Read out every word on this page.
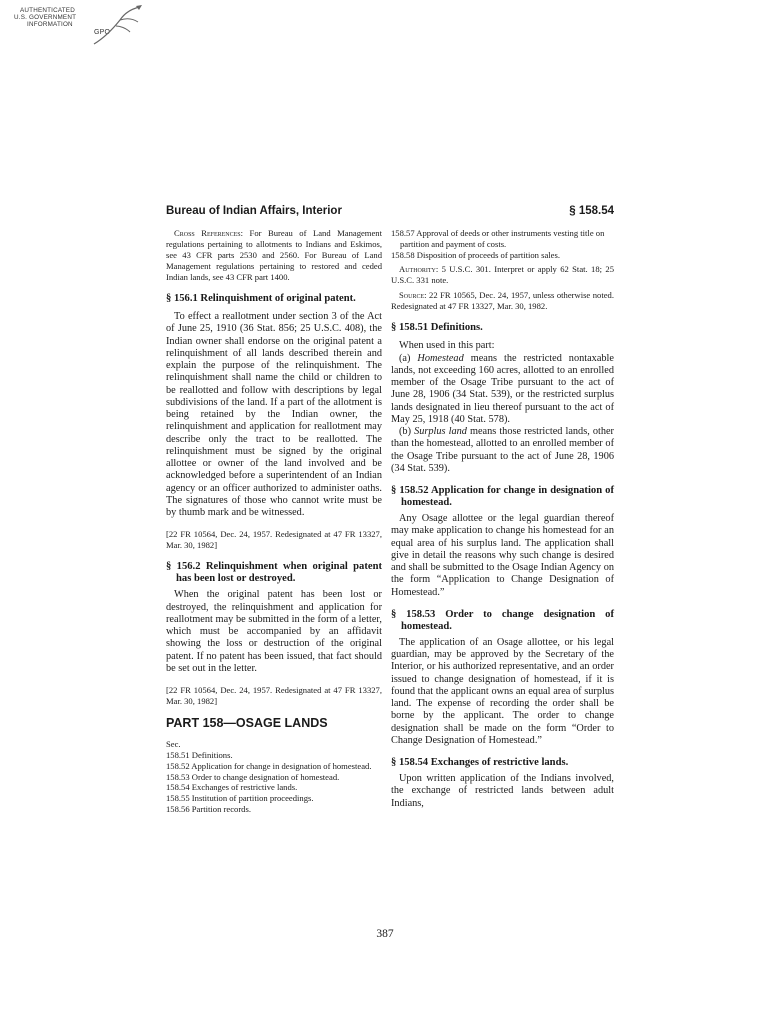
AUTHENTICATED
U.S. GOVERNMENT
INFORMATION
GPO
Bureau of Indian Affairs, Interior	§ 158.54

Cross References: For Bureau of Land Management regulations pertaining to allotments to Indians and Eskimos, see 43 CFR parts 2530 and 2560. For Bureau of Land Management regulations pertaining to restored and ceded Indian lands, see 43 CFR part 1400.

§ 156.1 Relinquishment of original patent.

To effect a reallotment under section 3 of the Act of June 25, 1910 (36 Stat. 856; 25 U.S.C. 408), the Indian owner shall endorse on the original patent a relinquishment of all lands described therein and explain the purpose of the relinquishment. The relinquishment shall name the child or children to be reallotted and follow with descriptions by legal subdivisions of the land. If a part of the allotment is being retained by the Indian owner, the relinquishment and application for reallotment may describe only the tract to be reallotted. The relinquishment must be signed by the original allottee or owner of the land involved and be acknowledged before a superintendent of an Indian agency or an officer authorized to administer oaths. The signatures of those who cannot write must be by thumb mark and be witnessed.

[22 FR 10564, Dec. 24, 1957. Redesignated at 47 FR 13327, Mar. 30, 1982]

§ 156.2 Relinquishment when original patent has been lost or destroyed.

When the original patent has been lost or destroyed, the relinquishment and application for reallotment may be submitted in the form of a letter, which must be accompanied by an affidavit showing the loss or destruction of the original patent. If no patent has been issued, that fact should be set out in the letter.

[22 FR 10564, Dec. 24, 1957. Redesignated at 47 FR 13327, Mar. 30, 1982]

PART 158—OSAGE LANDS

Sec.
158.51 Definitions.
158.52 Application for change in designation of homestead.
158.53 Order to change designation of homestead.
158.54 Exchanges of restrictive lands.
158.55 Institution of partition proceedings.
158.56 Partition records.
158.57 Approval of deeds or other instruments vesting title on partition and payment of costs.
158.58 Disposition of proceeds of partition sales.

Authority: 5 U.S.C. 301. Interpret or apply 62 Stat. 18; 25 U.S.C. 331 note.

Source: 22 FR 10565, Dec. 24, 1957, unless otherwise noted. Redesignated at 47 FR 13327, Mar. 30, 1982.

§ 158.51 Definitions.

When used in this part:

(a) Homestead means the restricted nontaxable lands, not exceeding 160 acres, allotted to an enrolled member of the Osage Tribe pursuant to the act of June 28, 1906 (34 Stat. 539), or the restricted surplus lands designated in lieu thereof pursuant to the act of May 25, 1918 (40 Stat. 578).

(b) Surplus land means those restricted lands, other than the homestead, allotted to an enrolled member of the Osage Tribe pursuant to the act of June 28, 1906 (34 Stat. 539).

§ 158.52 Application for change in designation of homestead.

Any Osage allottee or the legal guardian thereof may make application to change his homestead for an equal area of his surplus land. The application shall give in detail the reasons why such change is desired and shall be submitted to the Osage Indian Agency on the form “Application to Change Designation of Homestead.”

§ 158.53 Order to change designation of homestead.

The application of an Osage allottee, or his legal guardian, may be approved by the Secretary of the Interior, or his authorized representative, and an order issued to change designation of homestead, if it is found that the applicant owns an equal area of surplus land. The expense of recording the order shall be borne by the applicant. The order to change designation shall be made on the form “Order to Change Designation of Homestead.”

§ 158.54 Exchanges of restrictive lands.

Upon written application of the Indians involved, the exchange of restricted lands between adult Indians,

387
